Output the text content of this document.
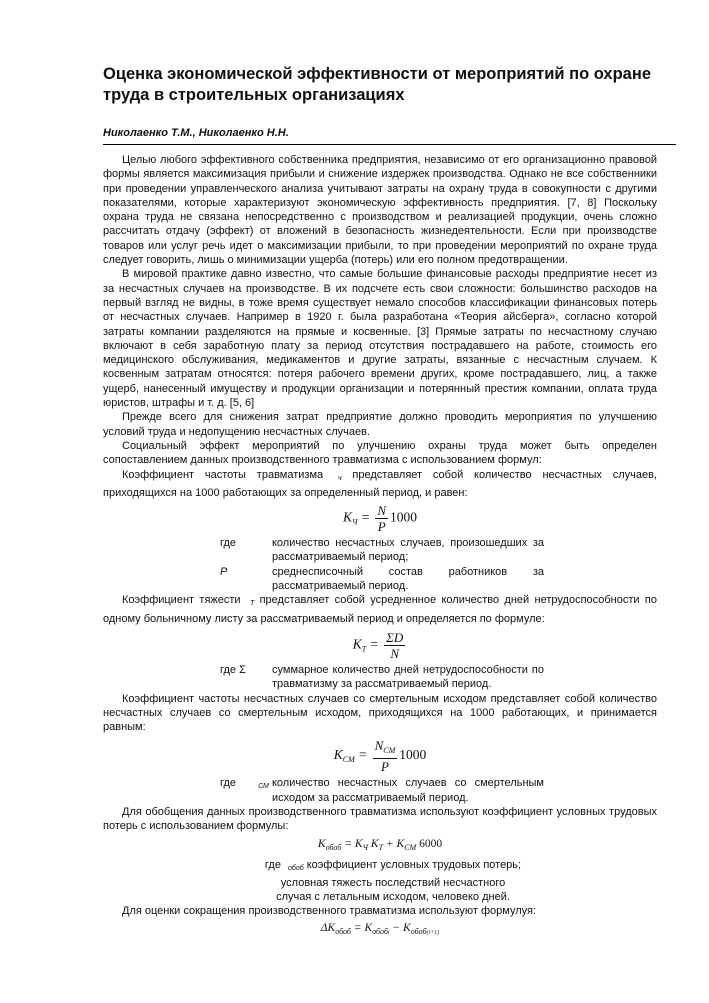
Оценка экономической эффективности от мероприятий по охране труда в строительных организациях
Николаенко Т.М., Николаенко Н.Н.

Целью любого эффективного собственника предприятия, независимо от его организационно правовой формы является максимизация прибыли и снижение издержек производства. Однако не все собственники при проведении управленческого анализа учитывают затраты на охрану труда в совокупности с другими показателями, которые характеризуют экономическую эффективность предприятия. [7, 8] Поскольку охрана труда не связана непосредственно с производством и реализацией продукции, очень сложно рассчитать отдачу (эффект) от вложений в безопасность жизнедеятельности. Если при производстве товаров или услуг речь идет о максимизации прибыли, то при проведении мероприятий по охране труда следует говорить, лишь о минимизации ущерба (потерь) или его полном предотвращении.

В мировой практике давно известно, что самые большие финансовые расходы предприятие несет из за несчастных случаев на производстве. В их подсчете есть свои сложности: большинство расходов на первый взгляд не видны, в тоже время существует немало способов классификации финансовых потерь от несчастных случаев. Например в 1920 г. была разработана «Теория айсберга», согласно которой затраты компании разделяются на прямые и косвенные. [3] Прямые затраты по несчастному случаю включают в себя заработную плату за период отсутствия пострадавшего на работе, стоимость его медицинского обслуживания, медикаментов и другие затраты, вязанные с несчастным случаем. К косвенным затратам относятся: потеря рабочего времени других, кроме пострадавшего, лиц, а также ущерб, нанесенный имуществу и продукции организации и потерянный престиж компании, оплата труда юристов, штрафы и т. д. [5, 6]

Прежде всего для снижения затрат предприятие должно проводить мероприятия по улучшению условий труда и недопущению несчастных случаев.

Социальный эффект мероприятий по улучшению охраны труда может быть определен сопоставлением данных производственного травматизма с использованием формул:

Коэффициент частоты травматизма ч представляет собой количество несчастных случаев, приходящихся на 1000 работающих за определенный период, и равен:

$K_Ч = \frac{N}{P} 1000$
где	количество несчастных случаев, произошедших за рассматриваемый период;
P	среднесписочный состав работников за рассматриваемый период.

Коэффициент тяжести Т представляет собой усредненное количество дней нетрудоспособности по одному больничному листу за рассматриваемый период и определяется по формуле:

$K_T = \frac{\Sigma D}{N}$
где Σ	суммарное количество дней нетрудоспособности по травматизму за рассматриваемый период.

Коэффициент частоты несчастных случаев со смертельным исходом представляет собой количество несчастных случаев со смертельным исходом, приходящихся на 1000 работающих, и принимается равным:

$K_{CM} = \frac{N_{CM}}{P} 1000$
где	СМ количество несчастных случаев со смертельным исходом за рассматриваемый период.

Для обобщения данных производственного травматизма используют коэффициент условных трудовых потерь с использованием формулы:

$K_{обоб} = K_Ч$ $K_T + K_{CM}$ 6000
где обоб коэффициент условных трудовых потерь;
условная тяжесть последствий несчастного
случая с летальным исходом, человеко дней.

Для оценки сокращения производственного травматизма используют формулуя:

$\Delta K_{обоб} = K_{обобi} - K_{обоб(i+1)}$
